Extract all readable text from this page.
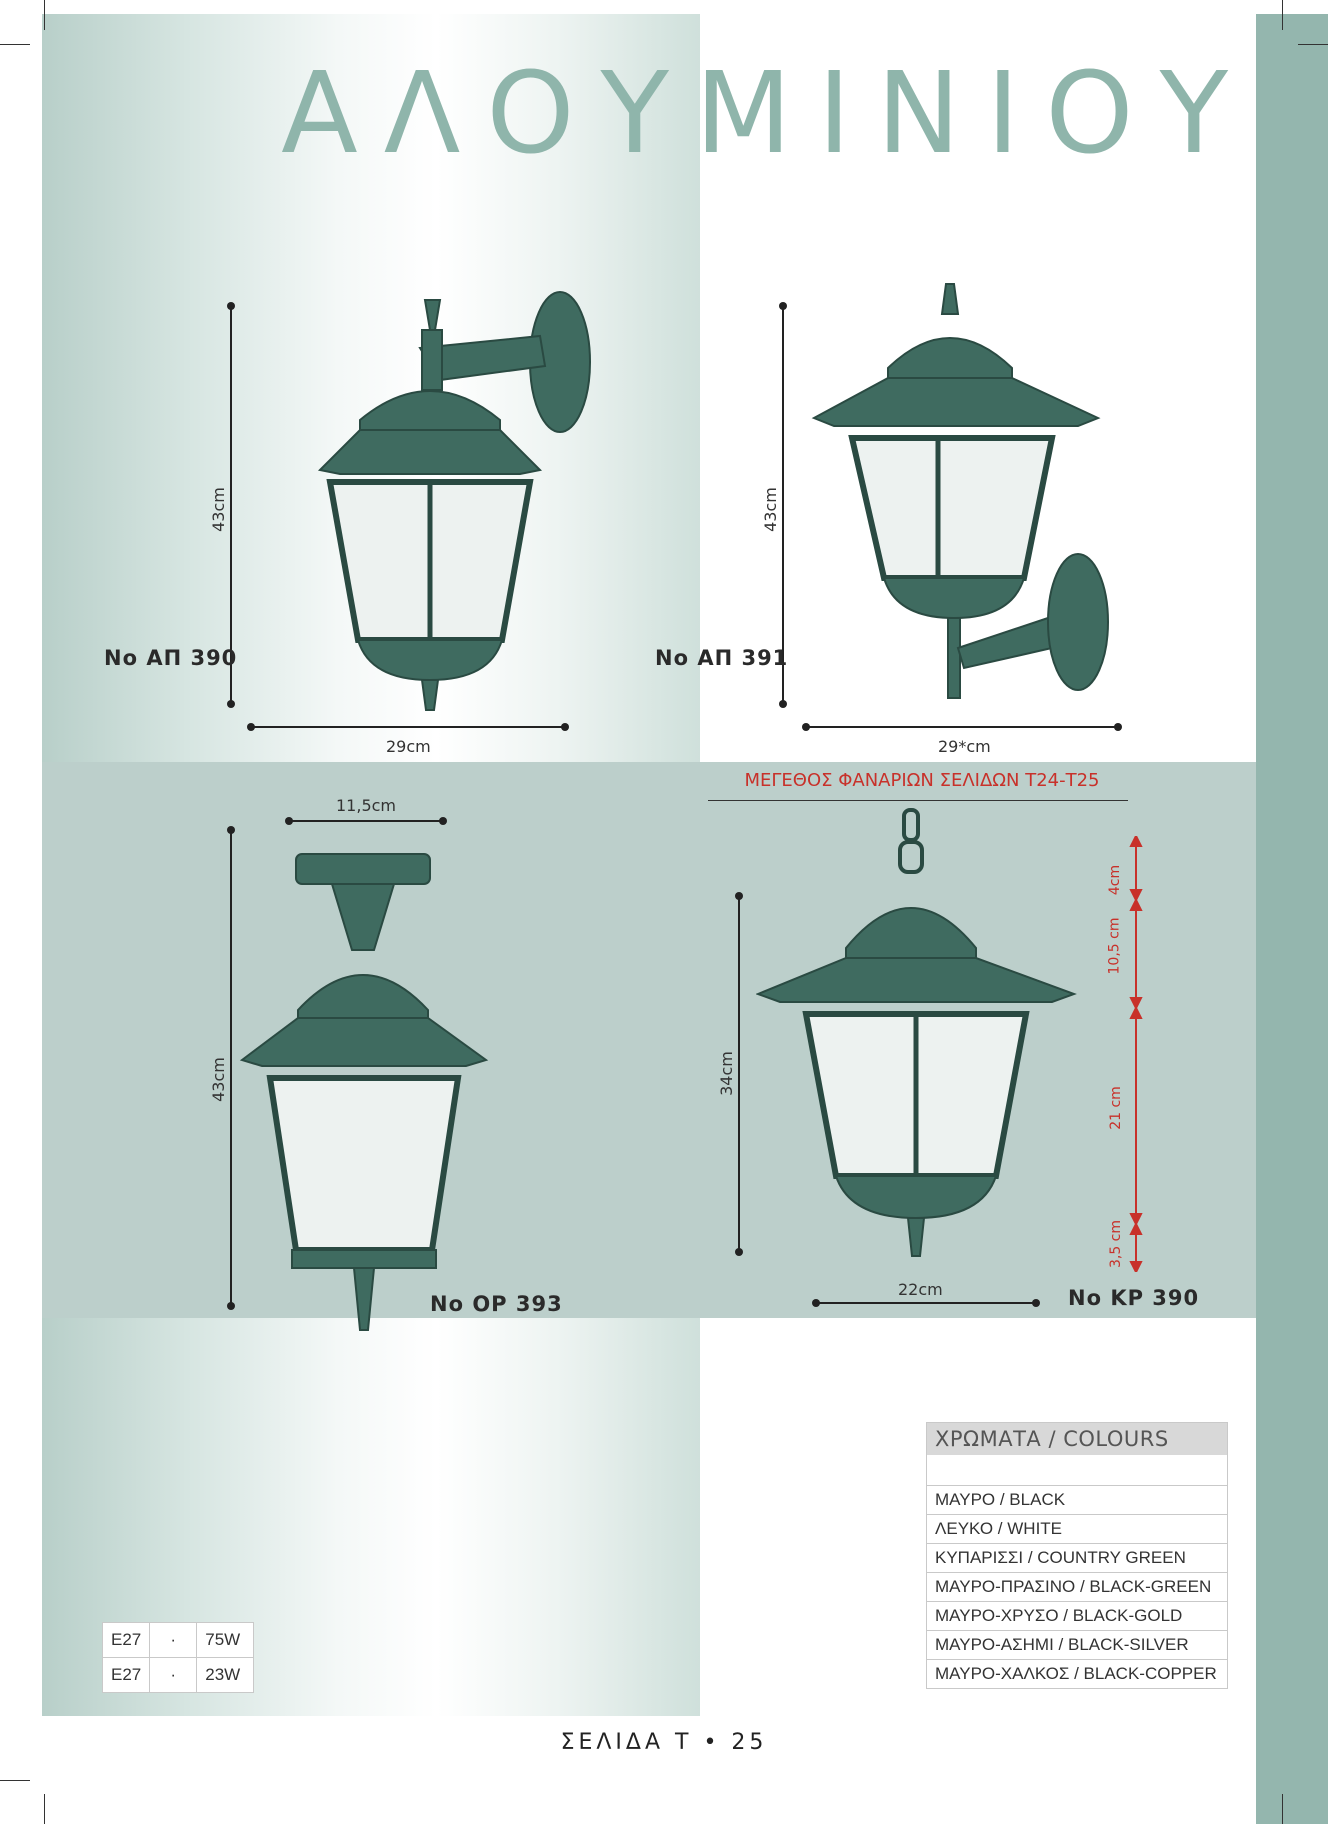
ΑΛΟΥΜΙΝΙΟΥ
43cm
29cm
No ΑΠ 390
43cm
29*cm
No ΑΠ 391
11,5cm
43cm
No ΟΡ 393
ΜΕΓΕΘΟΣ ΦΑΝΑΡΙΩΝ ΣΕΛΙΔΩΝ Τ24-Τ25
34cm
22cm	No ΚΡ 390
4cm
10,5 cm
21 cm
3,5 cm
ΧΡΩΜΑΤΑ / COLOURS
ΜΑΥΡΟ / BLACK
ΛΕΥΚΟ / WHITE
ΚΥΠΑΡΙΣΣΙ / COUNTRY GREEN
ΜΑΥΡΟ-ΠΡΑΣΙΝΟ / BLACK-GREEN
ΜΑΥΡΟ-ΧΡΥΣΟ / BLACK-GOLD
ΜΑΥΡΟ-ΑΣΗΜΙ / BLACK-SILVER
ΜΑΥΡΟ-ΧΑΛΚΟΣ / BLACK-COPPER
E27	·	75W
E27	·	23W
ΣΕΛΙΔΑ Τ • 25
